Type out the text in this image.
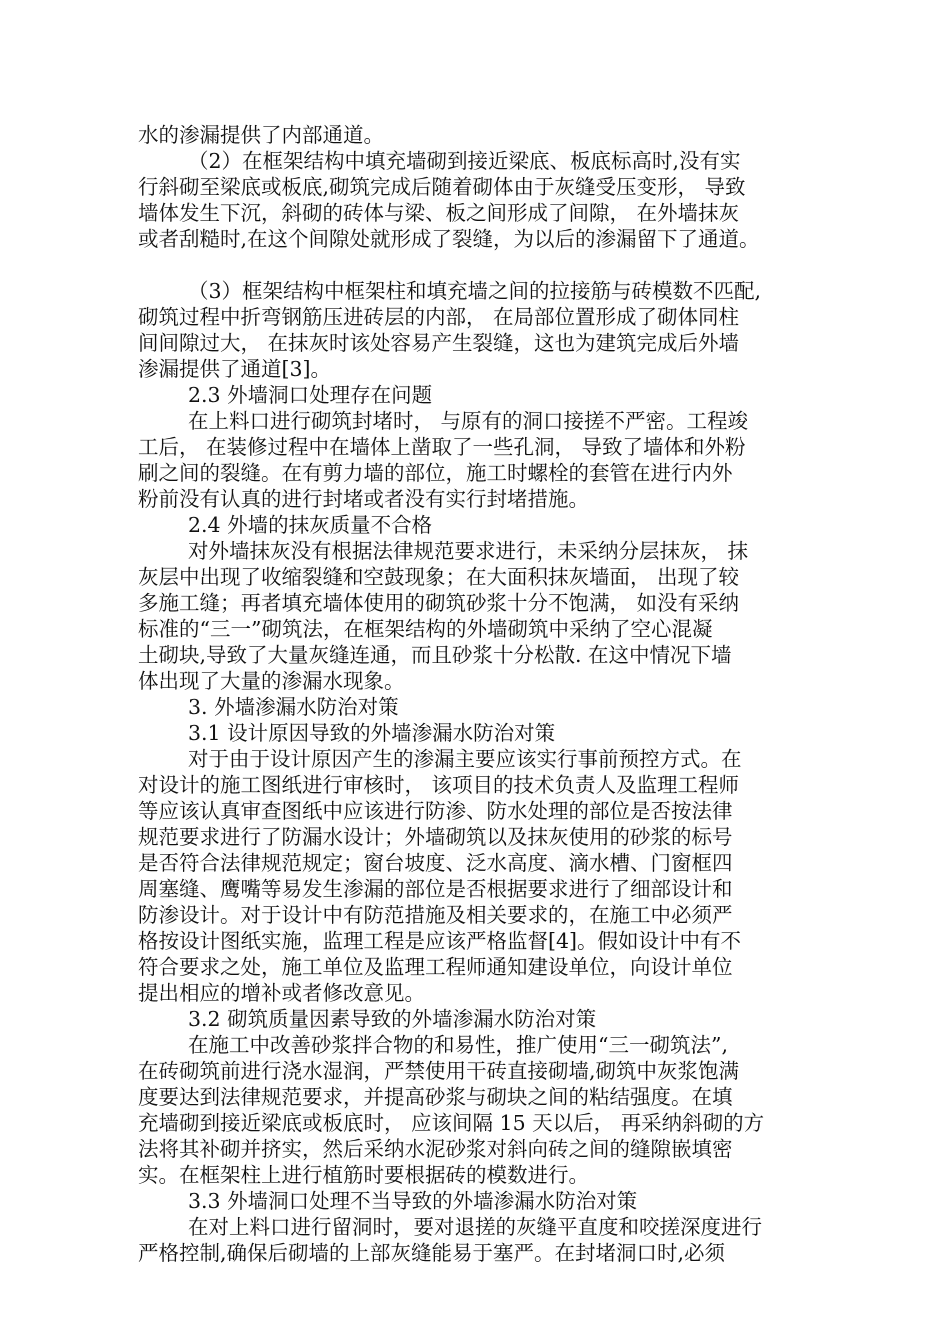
水的渗漏提供了内部通道。
（2）在框架结构中填充墙砌到接近梁底、板底标高时,没有实
行斜砌至梁底或板底,砌筑完成后随着砌体由于灰缝受压变形， 导致
墙体发生下沉，斜砌的砖体与梁、板之间形成了间隙， 在外墙抹灰
或者刮糙时,在这个间隙处就形成了裂缝，为以后的渗漏留下了通道。
（3）框架结构中框架柱和填充墙之间的拉接筋与砖模数不匹配,
砌筑过程中折弯钢筋压进砖层的内部， 在局部位置形成了砌体同柱
间间隙过大， 在抹灰时该处容易产生裂缝，这也为建筑完成后外墙
渗漏提供了通道[3]。
2.3 外墙洞口处理存在问题
在上料口进行砌筑封堵时， 与原有的洞口接搓不严密。工程竣
工后， 在装修过程中在墙体上凿取了一些孔洞， 导致了墙体和外粉
刷之间的裂缝。在有剪力墙的部位，施工时螺栓的套管在进行内外
粉前没有认真的进行封堵或者没有实行封堵措施。
2.4 外墙的抹灰质量不合格
对外墙抹灰没有根据法律规范要求进行，未采纳分层抹灰， 抹
灰层中出现了收缩裂缝和空鼓现象；在大面积抹灰墙面， 出现了较
多施工缝；再者填充墙体使用的砌筑砂浆十分不饱满， 如没有采纳
标准的“三一”砌筑法，在框架结构的外墙砌筑中采纳了空心混凝
土砌块,导致了大量灰缝连通，而且砂浆十分松散. 在这中情况下墙
体出现了大量的渗漏水现象。
3. 外墙渗漏水防治对策
3.1 设计原因导致的外墙渗漏水防治对策
对于由于设计原因产生的渗漏主要应该实行事前预控方式。在
对设计的施工图纸进行审核时， 该项目的技术负责人及监理工程师
等应该认真审查图纸中应该进行防渗、防水处理的部位是否按法律
规范要求进行了防漏水设计；外墙砌筑以及抹灰使用的砂浆的标号
是否符合法律规范规定；窗台坡度、泛水高度、滴水槽、门窗框四
周塞缝、鹰嘴等易发生渗漏的部位是否根据要求进行了细部设计和
防渗设计。对于设计中有防范措施及相关要求的，在施工中必须严
格按设计图纸实施，监理工程是应该严格监督[4]。假如设计中有不
符合要求之处，施工单位及监理工程师通知建设单位，向设计单位
提出相应的增补或者修改意见。
3.2 砌筑质量因素导致的外墙渗漏水防治对策
在施工中改善砂浆拌合物的和易性，推广使用“三一砌筑法”,
在砖砌筑前进行浇水湿润，严禁使用干砖直接砌墙,砌筑中灰浆饱满
度要达到法律规范要求，并提高砂浆与砌块之间的粘结强度。在填
充墙砌到接近梁底或板底时， 应该间隔 15 天以后， 再采纳斜砌的方
法将其补砌并挤实，然后采纳水泥砂浆对斜向砖之间的缝隙嵌填密
实。在框架柱上进行植筋时要根据砖的模数进行。
3.3 外墙洞口处理不当导致的外墙渗漏水防治对策
在对上料口进行留洞时，要对退搓的灰缝平直度和咬搓深度进行
严格控制,确保后砌墙的上部灰缝能易于塞严。在封堵洞口时,必须
